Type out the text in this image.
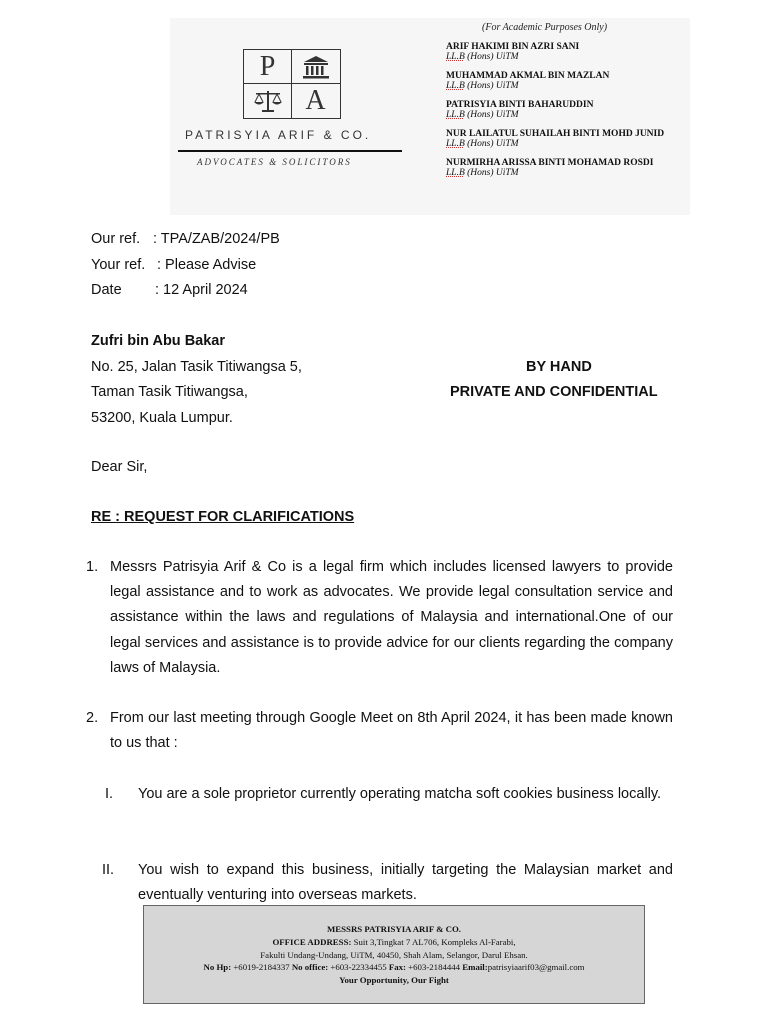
(For Academic Purposes Only)
P
A
PATRISYIA ARIF & CO.
ADVOCATES & SOLICITORS
ARIF HAKIMI BIN AZRI SANI
LL.B (Hons) UiTM
MUHAMMAD AKMAL BIN MAZLAN
LL.B (Hons) UiTM
PATRISYIA BINTI BAHARUDDIN
LL.B (Hons) UiTM
NUR LAILATUL SUHAILAH BINTI MOHD JUNID
LL.B (Hons) UiTM
NURMIRHA ARISSA BINTI MOHAMAD ROSDI
LL.B (Hons) UiTM
Our ref. : TPA/ZAB/2024/PB
Your ref. : Please Advise
Date : 12 April 2024
Zufri bin Abu Bakar
No. 25, Jalan Tasik Titiwangsa 5,
Taman Tasik Titiwangsa,
53200, Kuala Lumpur.
BY HAND
PRIVATE AND CONFIDENTIAL
Dear Sir,
RE : REQUEST FOR CLARIFICATIONS
1. Messrs Patrisyia Arif & Co is a legal firm which includes licensed lawyers to provide legal assistance and to work as advocates. We provide legal consultation service and assistance within the laws and regulations of Malaysia and international.One of our legal services and assistance is to provide advice for our clients regarding the company laws of Malaysia.
2. From our last meeting through Google Meet on 8th April 2024, it has been made known to us that :
I. You are a sole proprietor currently operating matcha soft cookies business locally.
II. You wish to expand this business, initially targeting the Malaysian market and eventually venturing into overseas markets.
MESSRS PATRISYIA ARIF & CO.
OFFICE ADDRESS: Suit 3,Tingkat 7 AL706, Kompleks Al-Farabi,
Fakulti Undang-Undang, UiTM, 40450, Shah Alam, Selangor, Darul Ehsan.
No Hp: +6019-2184337 No office: +603-22334455 Fax: +603-2184444 Email:patrisyiaarif03@gmail.com
Your Opportunity, Our Fight
